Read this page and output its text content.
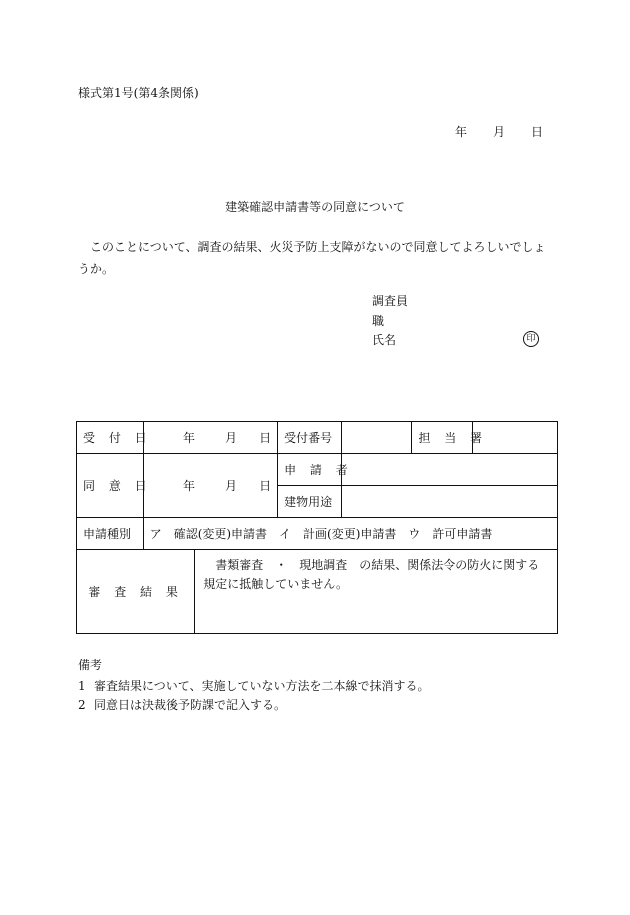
様式第1号(第4条関係)
年 月 日
建築確認申請書等の同意について
このことについて、調査の結果、火災予防上支障がないので同意してよろしいでしょうか。
調査員
職
氏名	印
受 付 日	年 月 日		受付番号		担 当 署	
同 意 日	年 月 日		申 請 者			
			建物用途			
申請種別	ア　確認(変更)申請書　イ　計画(変更)申請書　ウ　許可申請書					
審 査 結 果		書類審査　・　現地調査　の結果、関係法令の防火に関する規定に抵触していません。				
備考
1 審査結果について、実施していない方法を二本線で抹消する。
2 同意日は決裁後予防課で記入する。
